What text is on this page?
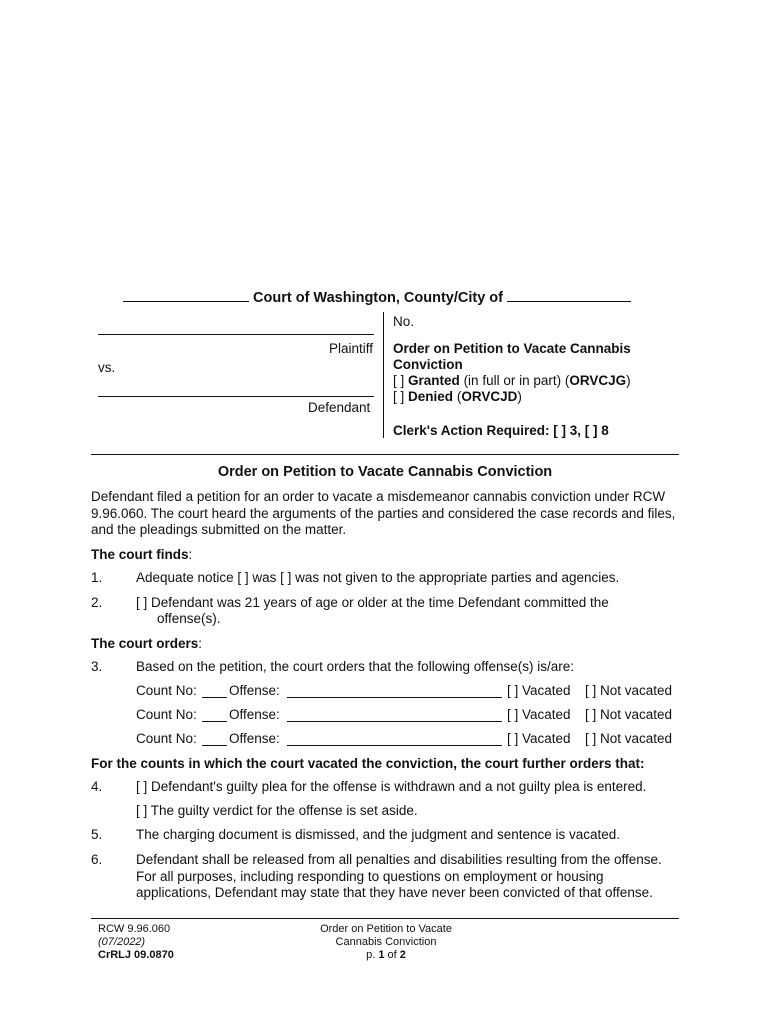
Court of Washington, County/City of
Plaintiff
vs.
Defendant
No.
Order on Petition to Vacate Cannabis
Conviction
[ ] Granted (in full or in part) (ORVCJG)
[ ] Denied (ORVCJD)
Clerk's Action Required: [ ] 3, [ ] 8
Order on Petition to Vacate Cannabis Conviction
Defendant filed a petition for an order to vacate a misdemeanor cannabis conviction under RCW 9.96.060. The court heard the arguments of the parties and considered the case records and files, and the pleadings submitted on the matter.
The court finds:
1. Adequate notice [ ] was [ ] was not given to the appropriate parties and agencies.
2. [ ] Defendant was 21 years of age or older at the time Defendant committed the
offense(s).
The court orders:
3. Based on the petition, the court orders that the following offense(s) is/are:
Count No: Offense:	[ ] Vacated [ ] Not vacated
Count No: Offense:	[ ] Vacated [ ] Not vacated
Count No: Offense:	[ ] Vacated [ ] Not vacated
For the counts in which the court vacated the conviction, the court further orders that:
4. [ ] Defendant's guilty plea for the offense is withdrawn and a not guilty plea is entered.
[ ] The guilty verdict for the offense is set aside.
5. The charging document is dismissed, and the judgment and sentence is vacated.
6. Defendant shall be released from all penalties and disabilities resulting from the offense. For all purposes, including responding to questions on employment or housing applications, Defendant may state that they have never been convicted of that offense.
RCW 9.96.060
(07/2022)
CrRLJ 09.0870
Order on Petition to Vacate
Cannabis Conviction
p. 1 of 2
